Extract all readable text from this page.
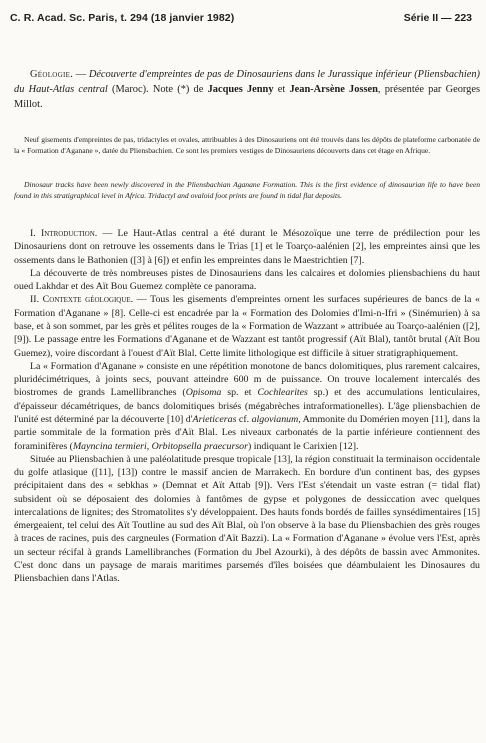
C. R. Acad. Sc. Paris, t. 294 (18 janvier 1982)	Série II — 223
Géologie. — Découverte d'empreintes de pas de Dinosauriens dans le Jurassique inférieur (Pliensbachien) du Haut-Atlas central (Maroc). Note (*) de Jacques Jenny et Jean-Arsène Jossen, présentée par Georges Millot.
Neuf gisements d'empreintes de pas, tridactyles et ovales, attribuables à des Dinosauriens ont été trouvés dans les dépôts de plateforme carbonatée de la « Formation d'Aganane », datée du Pliensbachien. Ce sont les premiers vestiges de Dinosauriens découverts dans cet étage en Afrique.
Dinosaur tracks have been newly discovered in the Pliensbachian Aganane Formation. This is the first evidence of dinosaurian life to have been found in this stratigraphical level in Africa. Tridactyl and ovaloid foot prints are found in tidal flat deposits.

I. Introduction. — Le Haut-Atlas central a été durant le Mésozoïque une terre de prédilection pour les Dinosauriens dont on retrouve les ossements dans le Trias [1] et le Toarço-aalénien [2], les empreintes ainsi que les ossements dans le Bathonien ([3] à [6]) et enfin les empreintes dans le Maestrichtien [7].

La découverte de très nombreuses pistes de Dinosauriens dans les calcaires et dolomies pliensbachiens du haut oued Lakhdar et des Aït Bou Guemez complète ce panorama.

II. Contexte géologique. — Tous les gisements d'empreintes ornent les surfaces supérieures de bancs de la « Formation d'Aganane » [8]. Celle-ci est encadrée par la « Formation des Dolomies d'Imi-n-Ifri » (Sinémurien) à sa base, et à son sommet, par les grès et pélites rouges de la « Formation de Wazzant » attribuée au Toarço-aalénien ([2], [9]). Le passage entre les Formations d'Aganane et de Wazzant est tantôt progressif (Aït Blal), tantôt brutal (Aït Bou Guemez), voire discordant à l'ouest d'Aït Blal. Cette limite lithologique est difficile à situer stratigraphiquement.

La « Formation d'Aganane » consiste en une répétition monotone de bancs dolomitiques, plus rarement calcaires, pluridécimétriques, à joints secs, pouvant atteindre 600 m de puissance. On trouve localement intercalés des biostromes de grands Lamellibranches (Opisoma sp. et Cochlearites sp.) et des accumulations lenticulaires, d'épaisseur décamétriques, de bancs dolomitiques brisés (mégabrèches intraformationelles). L'âge pliensbachien de l'unité est déterminé par la découverte [10] d'Arieticeras cf. algovianum, Ammonite du Domérien moyen [11], dans la partie sommitale de la formation près d'Aït Blal. Les niveaux carbonatés de la partie inférieure contiennent des foraminifères (Mayncina termieri, Orbitopsella praecursor) indiquant le Carixien [12].

Située au Pliensbachien à une paléolatitude presque tropicale [13], la région constituait la terminaison occidentale du golfe atlasique ([11], [13]) contre le massif ancien de Marrakech. En bordure d'un continent bas, des gypses précipitaient dans des « sebkhas » (Demnat et Aït Attab [9]). Vers l'Est s'étendait un vaste estran (= tidal flat) subsident où se déposaient des dolomies à fantômes de gypse et polygones de dessiccation avec quelques intercalations de lignites; des Stromatolites s'y développaient. Des hauts fonds bordés de failles synsédimentaires [15] émergeaient, tel celui des Aït Toutline au sud des Aït Blal, où l'on observe à la base du Pliensbachien des grès rouges à traces de racines, puis des cargneules (Formation d'Aït Bazzi). La « Formation d'Aganane » évolue vers l'Est, après un secteur récifal à grands Lamellibranches (Formation du Jbel Azourki), à des dépôts de bassin avec Ammonites. C'est donc dans un paysage de marais maritimes parsemés d'îles boisées que déambulaient les Dinosaures du Pliensbachien dans l'Atlas.
